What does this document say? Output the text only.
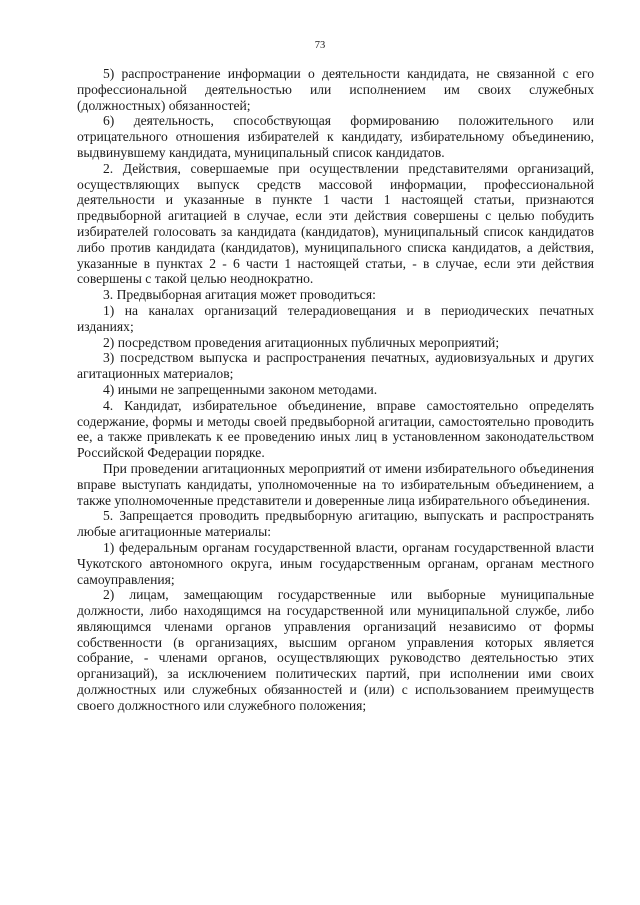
73

5) распространение информации о деятельности кандидата, не связанной с его профессиональной деятельностью или исполнением им своих служебных (должностных) обязанностей;

6) деятельность, способствующая формированию положительного или отрицательного отношения избирателей к кандидату, избирательному объединению, выдвинувшему кандидата, муниципальный список кандидатов.

2. Действия, совершаемые при осуществлении представителями организаций, осуществляющих выпуск средств массовой информации, профессиональной деятельности и указанные в пункте 1 части 1 настоящей статьи, признаются предвыборной агитацией в случае, если эти действия совершены с целью побудить избирателей голосовать за кандидата (кандидатов), муниципальный список кандидатов либо против кандидата (кандидатов), муниципального списка кандидатов, а действия, указанные в пунктах 2 - 6 части 1 настоящей статьи, - в случае, если эти действия совершены с такой целью неоднократно.

3. Предвыборная агитация может проводиться:

1) на каналах организаций телерадиовещания и в периодических печатных изданиях;

2) посредством проведения агитационных публичных мероприятий;

3) посредством выпуска и распространения печатных, аудиовизуальных и других агитационных материалов;

4) иными не запрещенными законом методами.

4. Кандидат, избирательное объединение, вправе самостоятельно определять содержание, формы и методы своей предвыборной агитации, самостоятельно проводить ее, а также привлекать к ее проведению иных лиц в установленном законодательством Российской Федерации порядке.

При проведении агитационных мероприятий от имени избирательного объединения вправе выступать кандидаты, уполномоченные на то избирательным объединением, а также уполномоченные представители и доверенные лица избирательного объединения.

5. Запрещается проводить предвыборную агитацию, выпускать и распространять любые агитационные материалы:

1) федеральным органам государственной власти, органам государственной власти Чукотского автономного округа, иным государственным органам, органам местного самоуправления;

2) лицам, замещающим государственные или выборные муниципальные должности, либо находящимся на государственной или муниципальной службе, либо являющимся членами органов управления организаций независимо от формы собственности (в организациях, высшим органом управления которых является собрание, - членами органов, осуществляющих руководство деятельностью этих организаций), за исключением политических партий, при исполнении ими своих должностных или служебных обязанностей и (или) с использованием преимуществ своего должностного или служебного положения;
